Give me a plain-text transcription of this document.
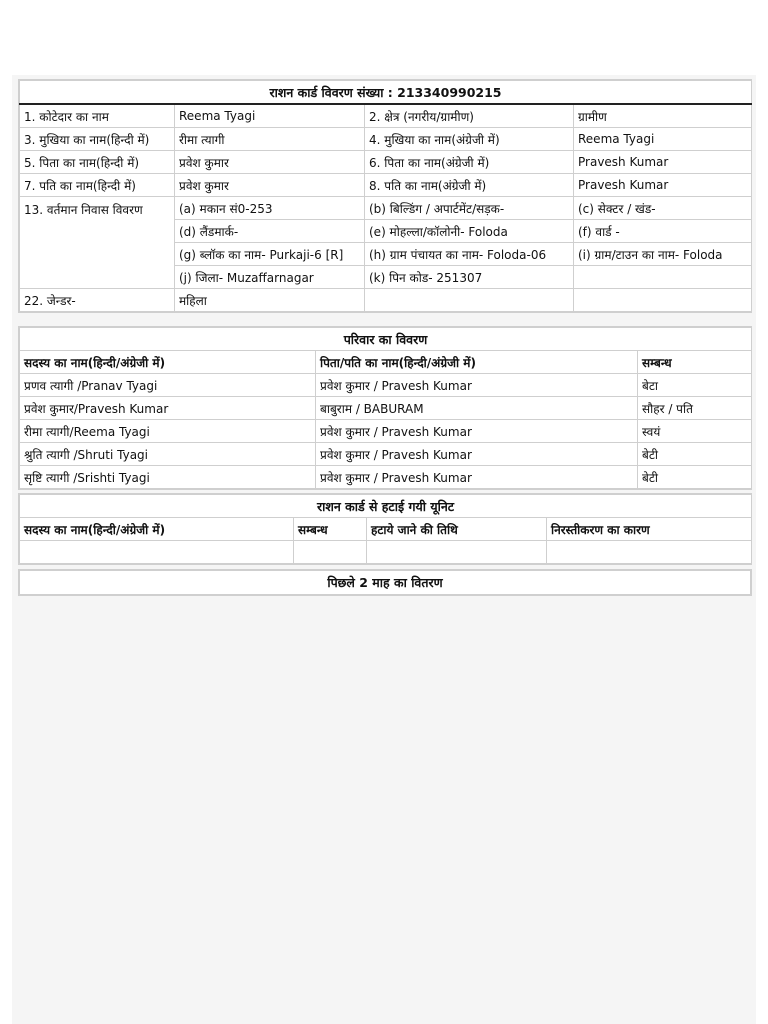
राशन कार्ड विवरण संख्या : 213340990215			
1. कोटेदार का नाम	Reema Tyagi	2. क्षेत्र (नगरीय/ग्रामीण)	ग्रामीण
3. मुखिया का नाम(हिन्दी में)	रीमा त्यागी	4. मुखिया का नाम(अंग्रेजी में)	Reema Tyagi
5. पिता का नाम(हिन्दी में)	प्रवेश कुमार	6. पिता का नाम(अंग्रेजी में)	Pravesh Kumar
7. पति का नाम(हिन्दी में)	प्रवेश कुमार	8. पति का नाम(अंग्रेजी में)	Pravesh Kumar
13. वर्तमान निवास विवरण	(a) मकान सं0-253	(b) बिल्डिंग / अपार्टमेंट/सड़क-	(c) सेक्टर / खंड-
	(d) लैंडमार्क-	(e) मोहल्ला/कॉलोनी- Foloda	(f) वार्ड -
	(g) ब्लॉक का नाम- Purkaji-6 [R]	(h) ग्राम पंचायत का नाम- Foloda-06	(i) ग्राम/टाउन का नाम- Foloda
	(j) जिला- Muzaffarnagar	(k) पिन कोड- 251307	
22. जेन्डर-	महिला		
परिवार का विवरण		
सदस्य का नाम(हिन्दी/अंग्रेजी में)	पिता/पति का नाम(हिन्दी/अंग्रेजी में)	सम्बन्ध
प्रणव त्यागी /Pranav Tyagi	प्रवेश कुमार / Pravesh Kumar	बेटा
प्रवेश कुमार/Pravesh Kumar	बाबुराम / BABURAM	सौहर / पति
रीमा त्यागी/Reema Tyagi	प्रवेश कुमार / Pravesh Kumar	स्वयं
श्रुति त्यागी /Shruti Tyagi	प्रवेश कुमार / Pravesh Kumar	बेटी
सृष्टि त्यागी /Srishti Tyagi	प्रवेश कुमार / Pravesh Kumar	बेटी
राशन कार्ड से हटाई गयी यूनिट			
सदस्य का नाम(हिन्दी/अंग्रेजी में)	सम्बन्ध	हटाये जाने की तिथि	निरस्तीकरण का कारण

पिछले 2 माह का वितरण
